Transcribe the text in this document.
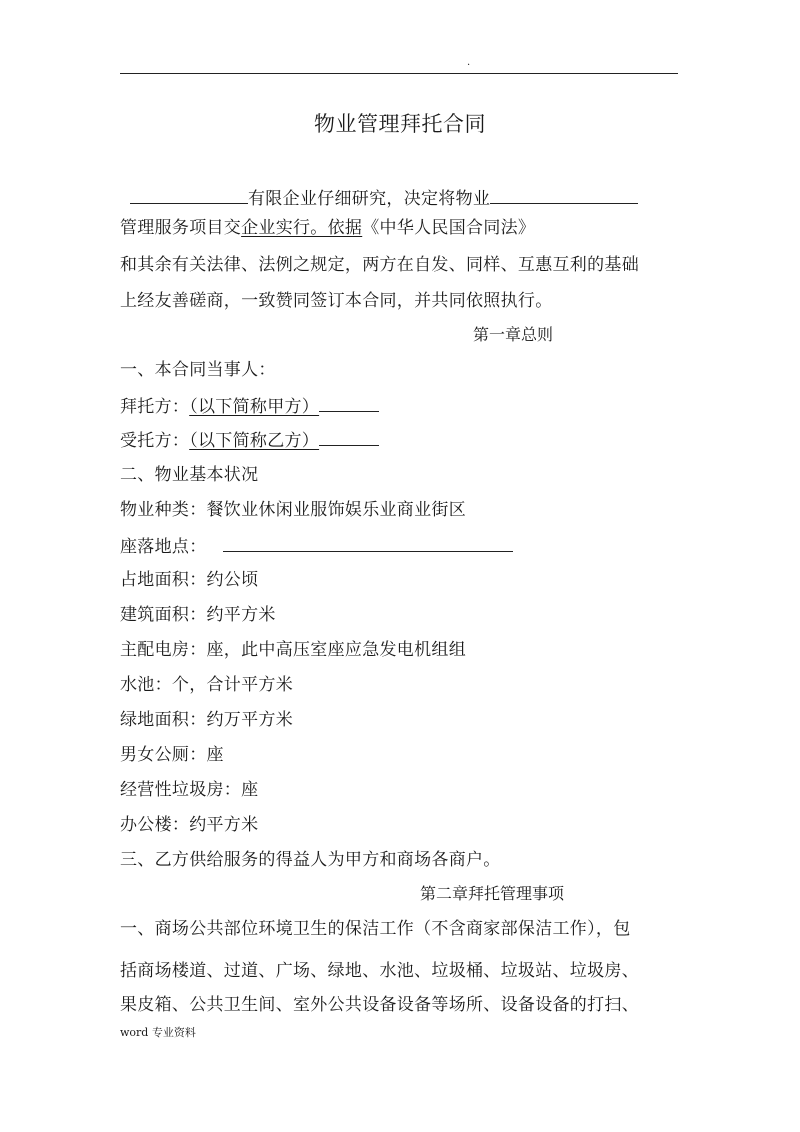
.
物业管理拜托合同
有限企业仔细研究，决定将物业
管理服务项目交企业实行。依据《中华人民国合同法》
和其余有关法律、法例之规定，两方在自发、同样、互惠互利的基础
上经友善磋商，一致赞同签订本合同，并共同依照执行。
第一章总则
一、本合同当事人：
拜托方：（以下简称甲方）
受托方：（以下简称乙方）
二、物业基本状况
物业种类：餐饮业休闲业服饰娱乐业商业街区
座落地点：
占地面积：约公顷
建筑面积：约平方米
主配电房：座，此中高压室座应急发电机组组
水池：个，合计平方米
绿地面积：约万平方米
男女公厕：座
经营性垃圾房：座
办公楼：约平方米
三、乙方供给服务的得益人为甲方和商场各商户。
第二章拜托管理事项
一、商场公共部位环境卫生的保洁工作（不含商家部保洁工作），包
括商场楼道、过道、广场、绿地、水池、垃圾桶、垃圾站、垃圾房、
果皮箱、公共卫生间、室外公共设备设备等场所、设备设备的打扫、
word 专业资料
